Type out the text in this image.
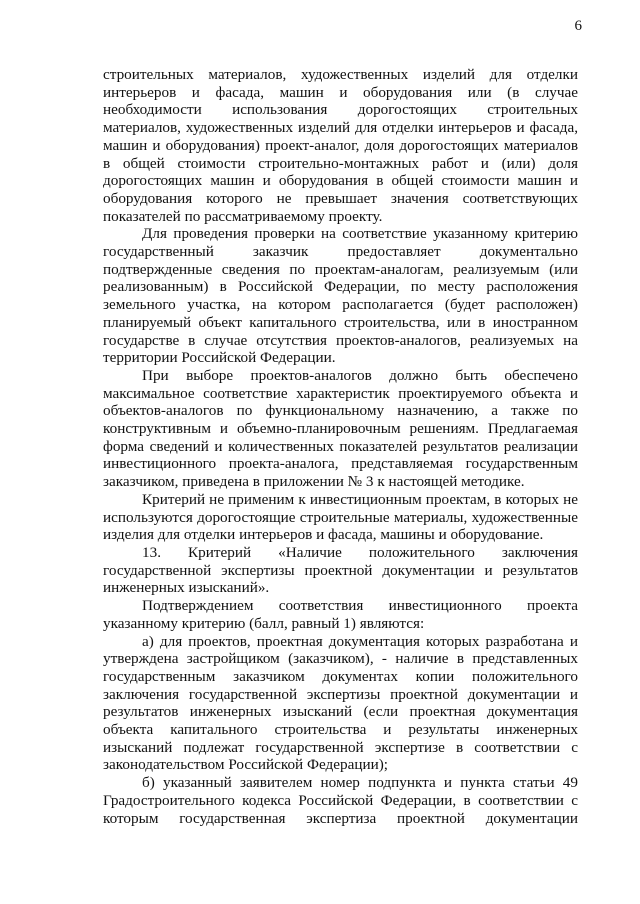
6

строительных материалов, художественных изделий для отделки интерьеров и фасада, машин и оборудования или (в случае необходимости использования дорогостоящих строительных материалов, художественных изделий для отделки интерьеров и фасада, машин и оборудования) проект-аналог, доля дорогостоящих материалов в общей стоимости строительно-монтажных работ и (или) доля дорогостоящих машин и оборудования в общей стоимости машин и оборудования которого не превышает значения соответствующих показателей по рассматриваемому проекту.

Для проведения проверки на соответствие указанному критерию государственный заказчик предоставляет документально подтвержденные сведения по проектам-аналогам, реализуемым (или реализованным) в Российской Федерации, по месту расположения земельного участка, на котором располагается (будет расположен) планируемый объект капитального строительства, или в иностранном государстве в случае отсутствия проектов-аналогов, реализуемых на территории Российской Федерации.

При выборе проектов-аналогов должно быть обеспечено максимальное соответствие характеристик проектируемого объекта и объектов-аналогов по функциональному назначению, а также по конструктивным и объемно-планировочным решениям. Предлагаемая форма сведений и количественных показателей результатов реализации инвестиционного проекта-аналога, представляемая государственным заказчиком, приведена в приложении № 3 к настоящей методике.

Критерий не применим к инвестиционным проектам, в которых не используются дорогостоящие строительные материалы, художественные изделия для отделки интерьеров и фасада, машины и оборудование.

13. Критерий «Наличие положительного заключения государственной экспертизы проектной документации и результатов инженерных изысканий».

Подтверждением соответствия инвестиционного проекта указанному критерию (балл, равный 1) являются:

а) для проектов, проектная документация которых разработана и утверждена застройщиком (заказчиком), - наличие в представленных государственным заказчиком документах копии положительного заключения государственной экспертизы проектной документации и результатов инженерных изысканий (если проектная документация объекта капитального строительства и результаты инженерных изысканий подлежат государственной экспертизе в соответствии с законодательством Российской Федерации);

б) указанный заявителем номер подпункта и пункта статьи 49 Градостроительного кодекса Российской Федерации, в соответствии с которым государственная экспертиза проектной документации
